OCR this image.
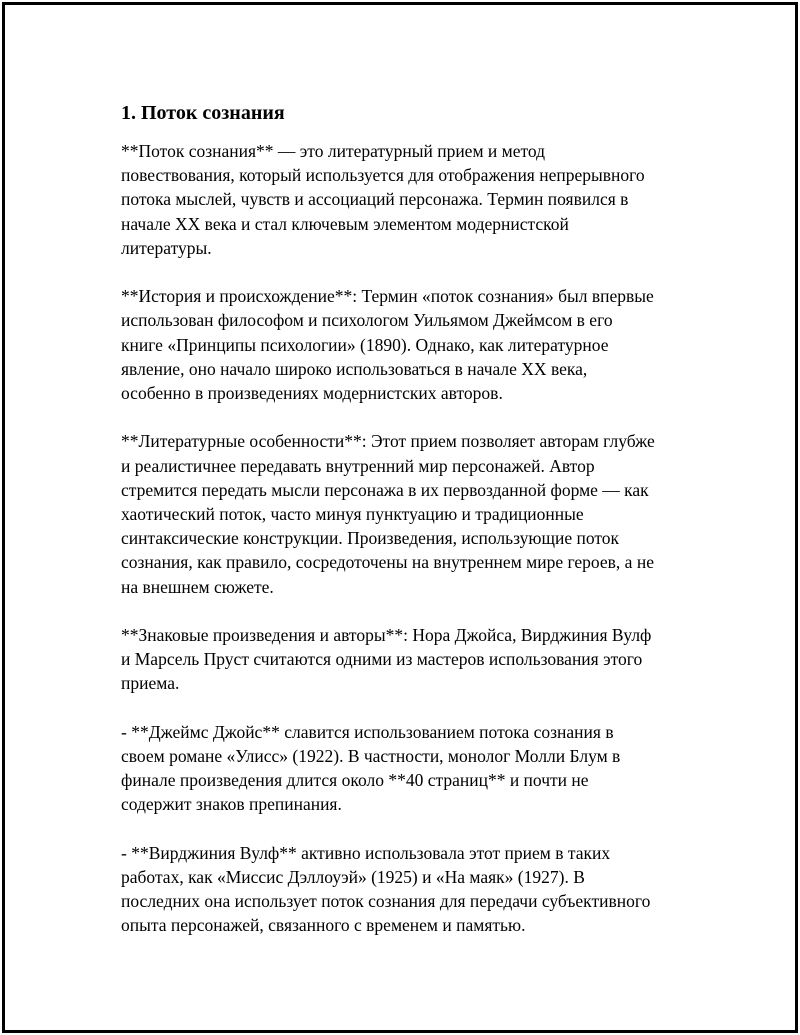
1. Поток сознания
**Поток сознания** — это литературный прием и метод
повествования, который используется для отображения непрерывного
потока мыслей, чувств и ассоциаций персонажа. Термин появился в
начале XX века и стал ключевым элементом модернистской
литературы.
**История и происхождение**: Термин «поток сознания» был впервые
использован философом и психологом Уильямом Джеймсом в его
книге «Принципы психологии» (1890). Однако, как литературное
явление, оно начало широко использоваться в начале XX века,
особенно в произведениях модернистских авторов.
**Литературные особенности**: Этот прием позволяет авторам глубже
и реалистичнее передавать внутренний мир персонажей. Автор
стремится передать мысли персонажа в их первозданной форме — как
хаотический поток, часто минуя пунктуацию и традиционные
синтаксические конструкции. Произведения, использующие поток
сознания, как правило, сосредоточены на внутреннем мире героев, а не
на внешнем сюжете.
**Знаковые произведения и авторы**: Нора Джойса, Вирджиния Вулф
и Марсель Пруст считаются одними из мастеров использования этого
приема.
- **Джеймс Джойс** славится использованием потока сознания в
своем романе «Улисс» (1922). В частности, монолог Молли Блум в
финале произведения длится около **40 страниц** и почти не
содержит знаков препинания.
- **Вирджиния Вулф** активно использовала этот прием в таких
работах, как «Миссис Дэллоуэй» (1925) и «На маяк» (1927). В
последних она использует поток сознания для передачи субъективного
опыта персонажей, связанного с временем и памятью.
